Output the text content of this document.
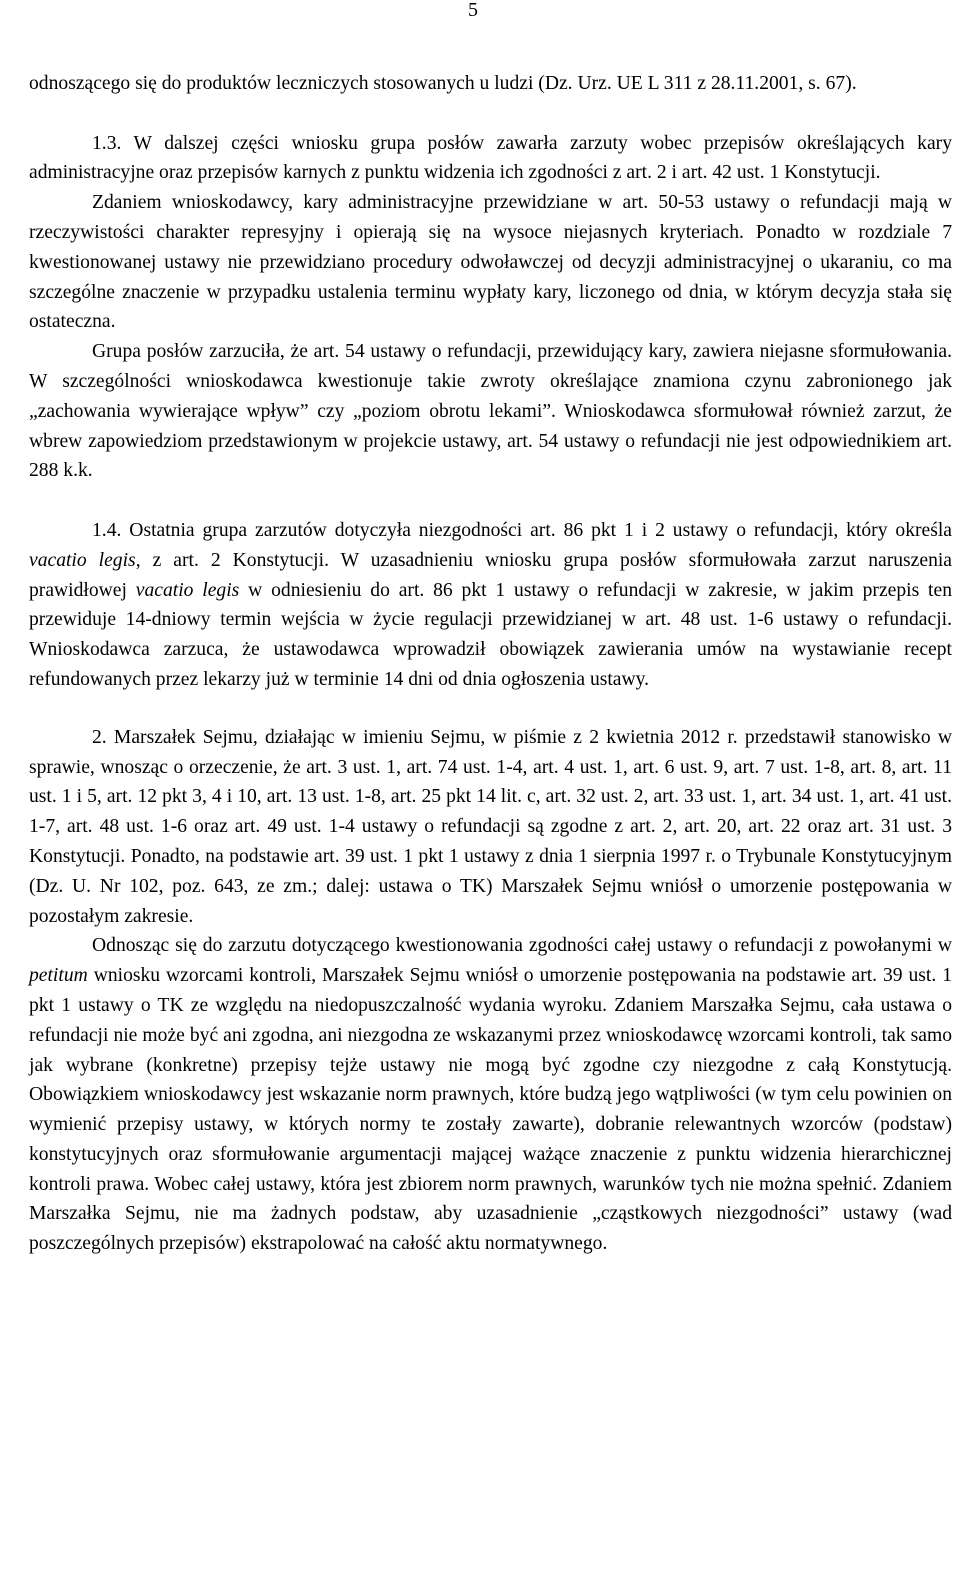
5

odnoszącego się do produktów leczniczych stosowanych u ludzi (Dz. Urz. UE L 311 z 28.11.2001, s. 67).

1.3. W dalszej części wniosku grupa posłów zawarła zarzuty wobec przepisów określających kary administracyjne oraz przepisów karnych z punktu widzenia ich zgodności z art. 2 i art. 42 ust. 1 Konstytucji.

Zdaniem wnioskodawcy, kary administracyjne przewidziane w art. 50-53 ustawy o refundacji mają w rzeczywistości charakter represyjny i opierają się na wysoce niejasnych kryteriach. Ponadto w rozdziale 7 kwestionowanej ustawy nie przewidziano procedury odwoławczej od decyzji administracyjnej o ukaraniu, co ma szczególne znaczenie w przypadku ustalenia terminu wypłaty kary, liczonego od dnia, w którym decyzja stała się ostateczna.

Grupa posłów zarzuciła, że art. 54 ustawy o refundacji, przewidujący kary, zawiera niejasne sformułowania. W szczególności wnioskodawca kwestionuje takie zwroty określające znamiona czynu zabronionego jak „zachowania wywierające wpływ” czy „poziom obrotu lekami”. Wnioskodawca sformułował również zarzut, że wbrew zapowiedziom przedstawionym w projekcie ustawy, art. 54 ustawy o refundacji nie jest odpowiednikiem art. 288 k.k.

1.4. Ostatnia grupa zarzutów dotyczyła niezgodności art. 86 pkt 1 i 2 ustawy o refundacji, który określa vacatio legis, z art. 2 Konstytucji. W uzasadnieniu wniosku grupa posłów sformułowała zarzut naruszenia prawidłowej vacatio legis w odniesieniu do art. 86 pkt 1 ustawy o refundacji w zakresie, w jakim przepis ten przewiduje 14-dniowy termin wejścia w życie regulacji przewidzianej w art. 48 ust. 1-6 ustawy o refundacji. Wnioskodawca zarzuca, że ustawodawca wprowadził obowiązek zawierania umów na wystawianie recept refundowanych przez lekarzy już w terminie 14 dni od dnia ogłoszenia ustawy.

2. Marszałek Sejmu, działając w imieniu Sejmu, w piśmie z 2 kwietnia 2012 r. przedstawił stanowisko w sprawie, wnosząc o orzeczenie, że art. 3 ust. 1, art. 74 ust. 1-4, art. 4 ust. 1, art. 6 ust. 9, art. 7 ust. 1-8, art. 8, art. 11 ust. 1 i 5, art. 12 pkt 3, 4 i 10, art. 13 ust. 1-8, art. 25 pkt 14 lit. c, art. 32 ust. 2, art. 33 ust. 1, art. 34 ust. 1, art. 41 ust. 1-7, art. 48 ust. 1-6 oraz art. 49 ust. 1-4 ustawy o refundacji są zgodne z art. 2, art. 20, art. 22 oraz art. 31 ust. 3 Konstytucji. Ponadto, na podstawie art. 39 ust. 1 pkt 1 ustawy z dnia 1 sierpnia 1997 r. o Trybunale Konstytucyjnym (Dz. U. Nr 102, poz. 643, ze zm.; dalej: ustawa o TK) Marszałek Sejmu wniósł o umorzenie postępowania w pozostałym zakresie.

Odnosząc się do zarzutu dotyczącego kwestionowania zgodności całej ustawy o refundacji z powołanymi w petitum wniosku wzorcami kontroli, Marszałek Sejmu wniósł o umorzenie postępowania na podstawie art. 39 ust. 1 pkt 1 ustawy o TK ze względu na niedopuszczalność wydania wyroku. Zdaniem Marszałka Sejmu, cała ustawa o refundacji nie może być ani zgodna, ani niezgodna ze wskazanymi przez wnioskodawcę wzorcami kontroli, tak samo jak wybrane (konkretne) przepisy tejże ustawy nie mogą być zgodne czy niezgodne z całą Konstytucją. Obowiązkiem wnioskodawcy jest wskazanie norm prawnych, które budzą jego wątpliwości (w tym celu powinien on wymienić przepisy ustawy, w których normy te zostały zawarte), dobranie relewantnych wzorców (podstaw) konstytucyjnych oraz sformułowanie argumentacji mającej ważące znaczenie z punktu widzenia hierarchicznej kontroli prawa. Wobec całej ustawy, która jest zbiorem norm prawnych, warunków tych nie można spełnić. Zdaniem Marszałka Sejmu, nie ma żadnych podstaw, aby uzasadnienie „cząstkowych niezgodności” ustawy (wad poszczególnych przepisów) ekstrapolować na całość aktu normatywnego.
